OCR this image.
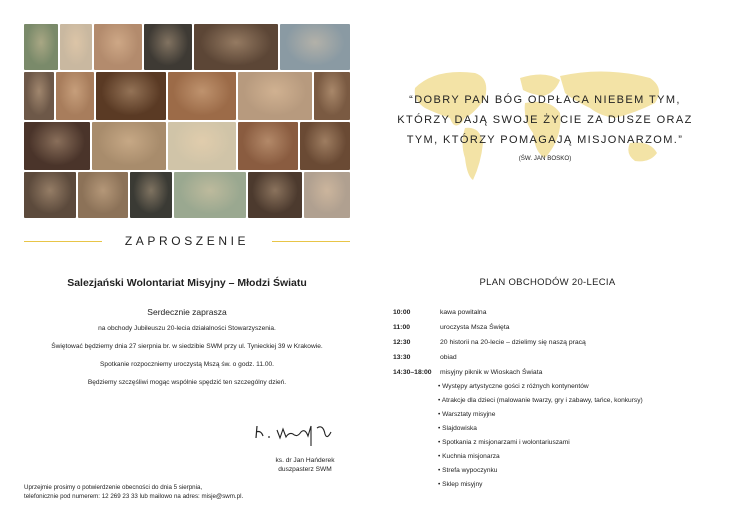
ZAPROSZENIE
Salezjański Wolontariat Misyjny – Młodzi Światu
Serdecznie zaprasza
na obchody Jubileuszu 20-lecia działalności Stowarzyszenia.
Świętować będziemy dnia 27 sierpnia br. w siedzibie SWM przy ul. Tynieckiej 39 w Krakowie.
Spotkanie rozpoczniemy uroczystą Mszą św. o godz. 11.00.
Będziemy szczęśliwi mogąc wspólnie spędzić ten szczególny dzień.
ks. dr Jan Hańderek
duszpasterz SWM
Uprzejmie prosimy o potwierdzenie obecności do dnia 5 sierpnia,
telefonicznie pod numerem: 12 269 23 33 lub mailowo na adres: misje@swm.pl.
“DOBRY PAN BÓG ODPŁACA NIEBEM TYM,
KTÓRZY DAJĄ SWOJE ŻYCIE ZA DUSZE ORAZ
TYM, KTÓRZY POMAGAJĄ MISJONARZOM.”
(ŚW. JAN BOSKO)
PLAN OBCHODÓW 20-LECIA
10:00	kawa powitalna
11:00	uroczysta Msza Święta
12:30	20 historii na 20-lecie – dzielimy się naszą pracą
13:30	obiad
14:30–18:00 misyjny piknik w Wioskach Świata
• Występy artystyczne gości z różnych kontynentów
• Atrakcje dla dzieci (malowanie twarzy, gry i zabawy, tańce, konkursy)
• Warsztaty misyjne
• Slajdowiska
• Spotkania z misjonarzami i wolontariuszami
• Kuchnia misjonarza
• Strefa wypoczynku
• Sklep misyjny
